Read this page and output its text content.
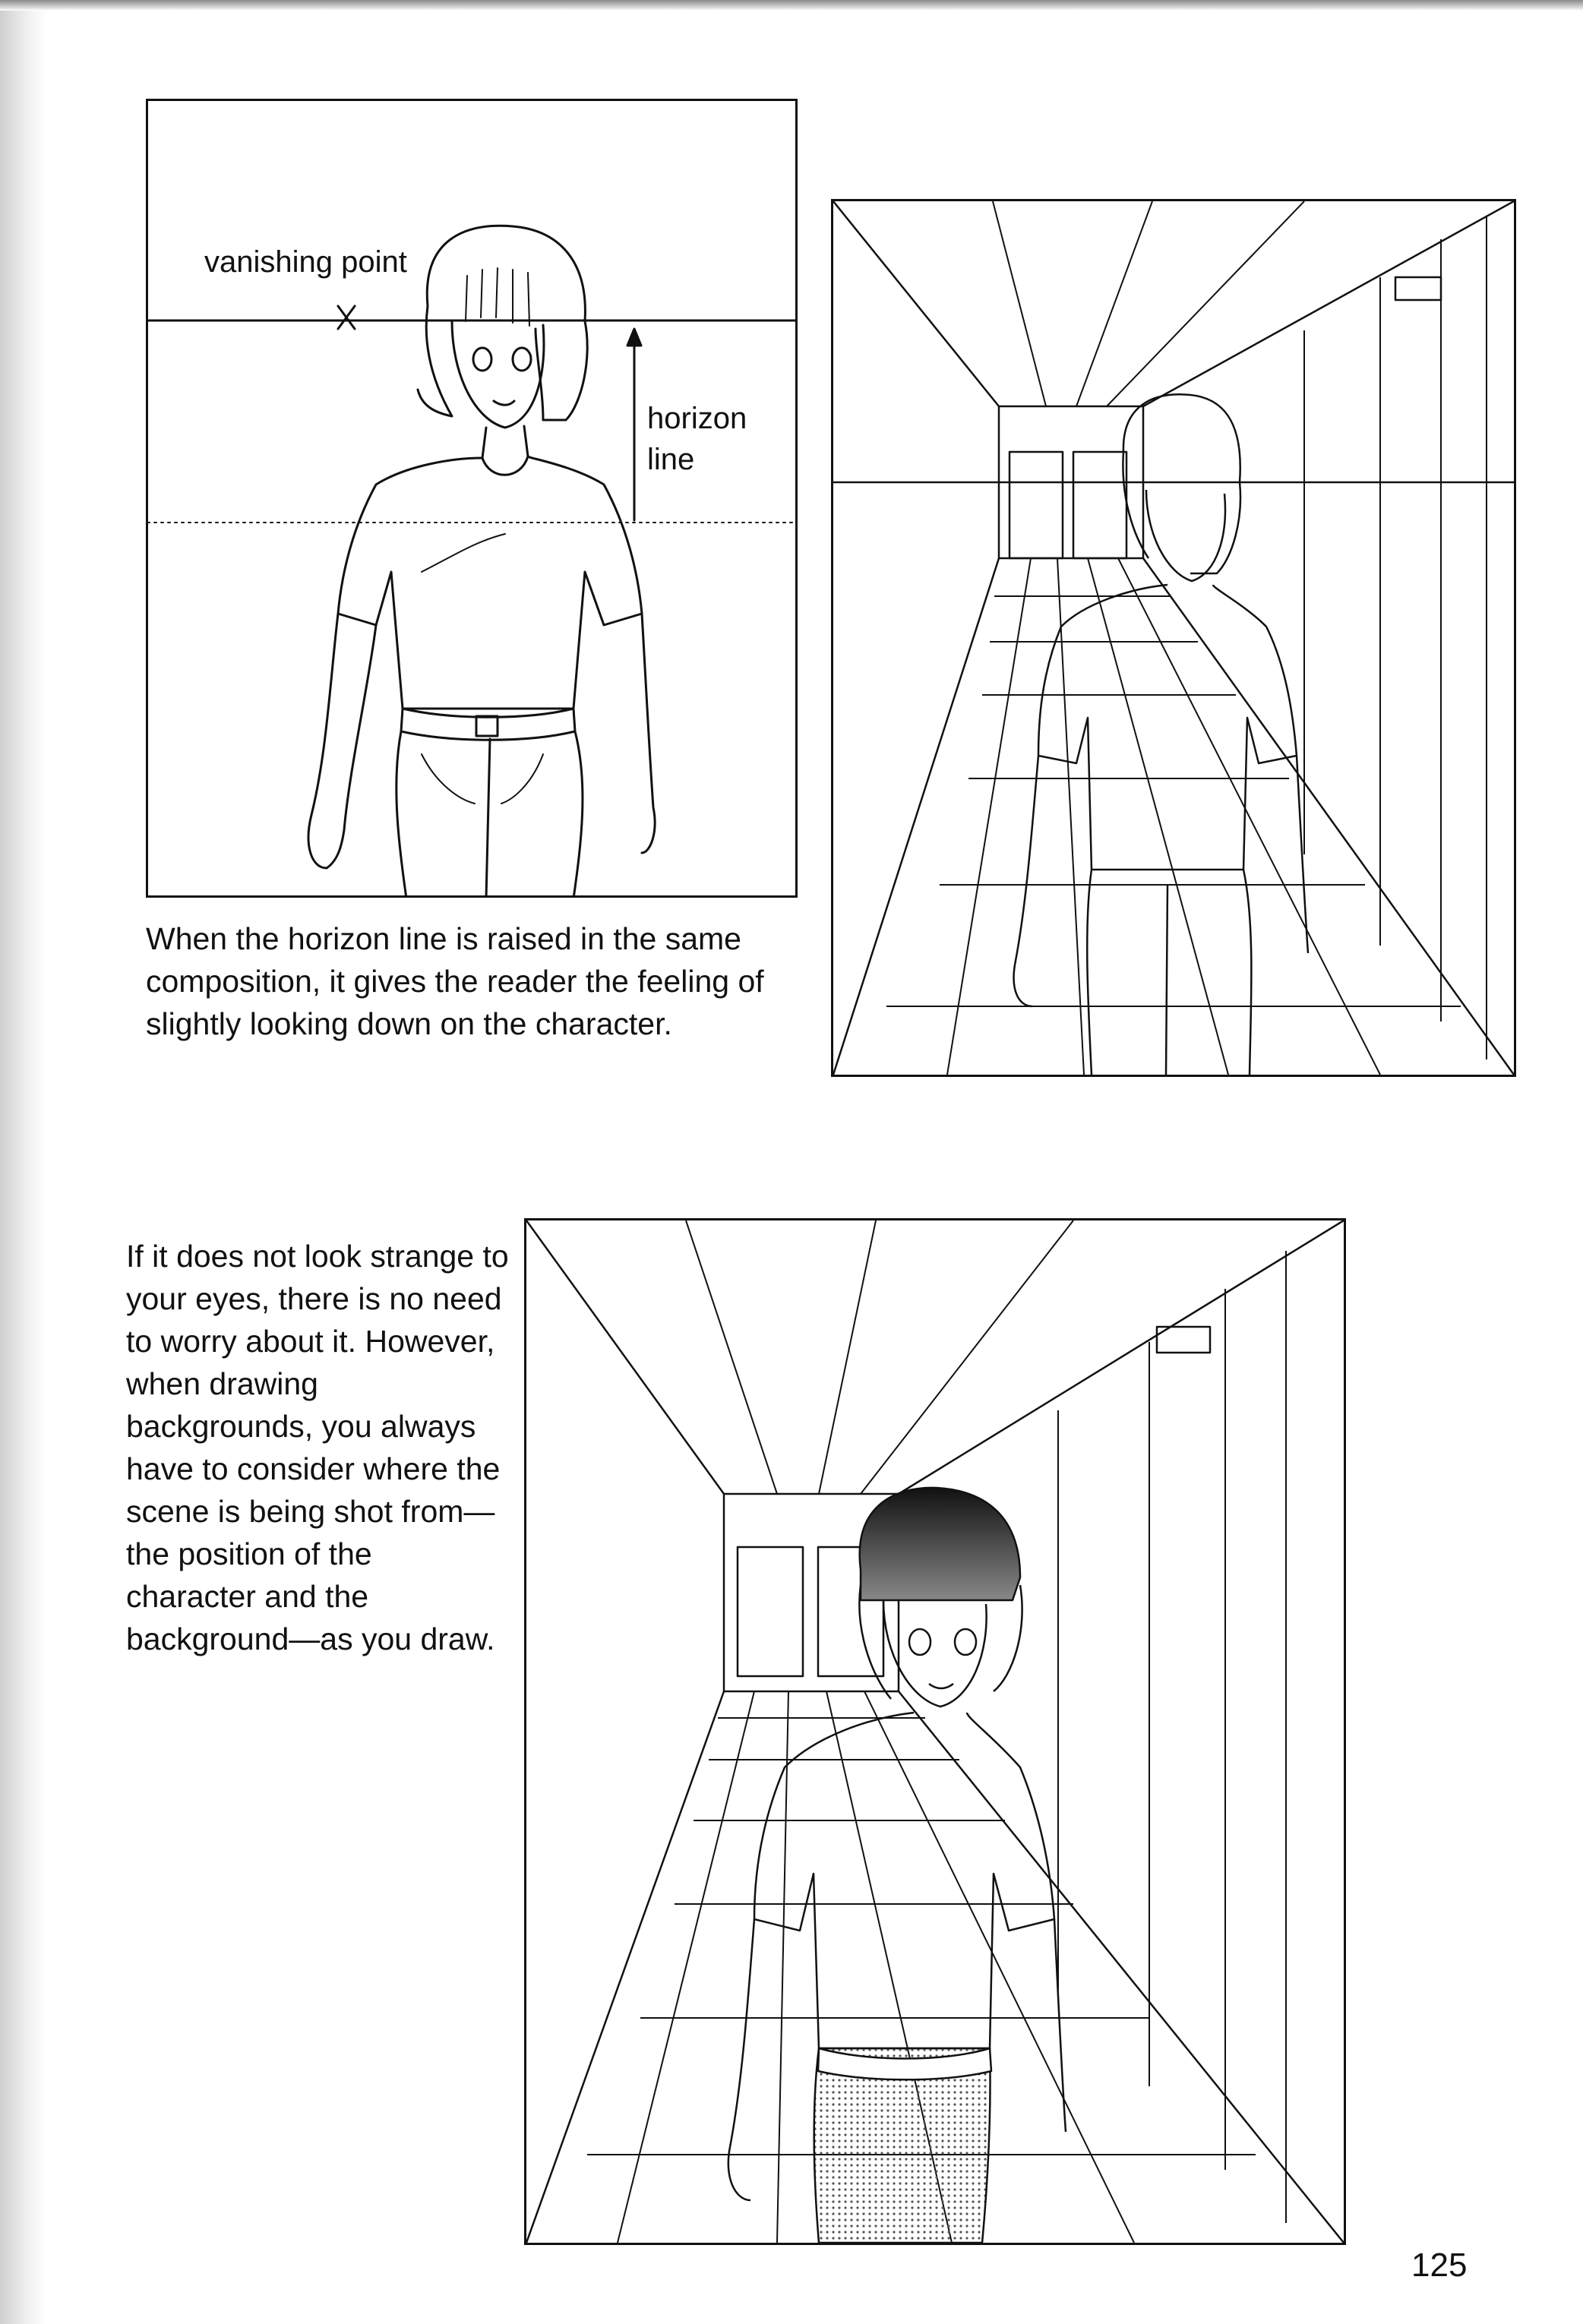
vanishing point
horizon
line
When the horizon line is raised in the same composition, it gives the reader the feeling of slightly looking down on the character.
If it does not look strange to your eyes, there is no need to worry about it. However, when drawing backgrounds, you always have to consider where the scene is being shot from—the position of the character and the background—as you draw.
125
